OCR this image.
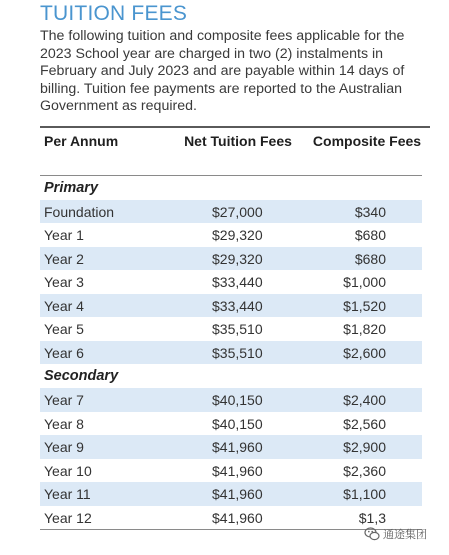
TUITION FEES

The following tuition and composite fees applicable for the 2023 School year are charged in two (2) instalments in February and July 2023 and are payable within 14 days of billing. Tuition fee payments are reported to the Australian Government as required.

Per Annum	Net Tuition Fees	Composite Fees

Primary		
Foundation	$27,000	$340
Year 1	$29,320	$680
Year 2	$29,320	$680
Year 3	$33,440	$1,000
Year 4	$33,440	$1,520
Year 5	$35,510	$1,820
Year 6	$35,510	$2,600
Secondary		
Year 7	$40,150	$2,400
Year 8	$40,150	$2,560
Year 9	$41,960	$2,900
Year 10	$41,960	$2,360
Year 11	$41,960	$1,100
Year 12	$41,960	$1,3
通途集团
